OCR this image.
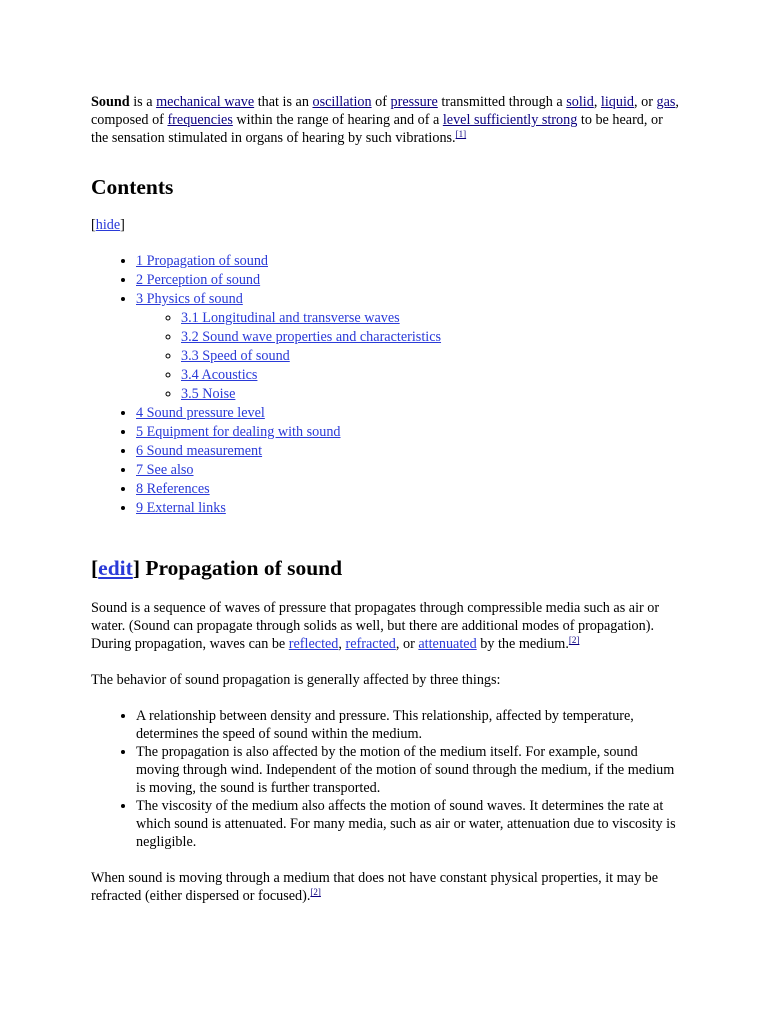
Sound is a mechanical wave that is an oscillation of pressure transmitted through a solid, liquid, or gas, composed of frequencies within the range of hearing and of a level sufficiently strong to be heard, or the sensation stimulated in organs of hearing by such vibrations.[1]

Contents
[hide]
• 1 Propagation of sound
• 2 Perception of sound
• 3 Physics of sound
◦ 3.1 Longitudinal and transverse waves
◦ 3.2 Sound wave properties and characteristics
◦ 3.3 Speed of sound
◦ 3.4 Acoustics
◦ 3.5 Noise
• 4 Sound pressure level
• 5 Equipment for dealing with sound
• 6 Sound measurement
• 7 See also
• 8 References
• 9 External links
[edit] Propagation of sound

Sound is a sequence of waves of pressure that propagates through compressible media such as air or water. (Sound can propagate through solids as well, but there are additional modes of propagation). During propagation, waves can be reflected, refracted, or attenuated by the medium.[2]

The behavior of sound propagation is generally affected by three things:

• A relationship between density and pressure. This relationship, affected by temperature, determines the speed of sound within the medium.
• The propagation is also affected by the motion of the medium itself. For example, sound moving through wind. Independent of the motion of sound through the medium, if the medium is moving, the sound is further transported.
• The viscosity of the medium also affects the motion of sound waves. It determines the rate at which sound is attenuated. For many media, such as air or water, attenuation due to viscosity is negligible.

When sound is moving through a medium that does not have constant physical properties, it may be refracted (either dispersed or focused).[2]
